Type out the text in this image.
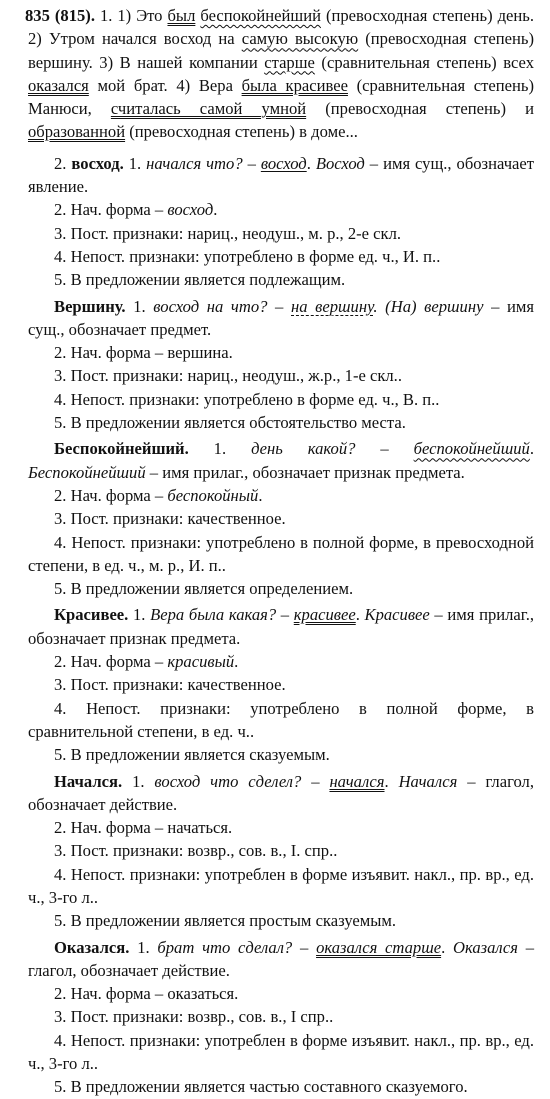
835 (815). 1. 1) Это был беспокойнейший (превосходная степень) день. 2) Утром начался восход на самую высокую (превосходная степень) вершину. 3) В нашей компании старше (сравнительная степень) всех оказался мой брат. 4) Вера была красивее (сравнительная степень) Манюси, считалась самой умной (превосходная степень) и образованной (превосходная степень) в доме...
2. восход. 1. начался что? – восход. Восход – имя сущ., обозначает явление.
2. Нач. форма – восход.
3. Пост. признаки: нариц., неодуш., м. р., 2-е скл.
4. Непост. признаки: употреблено в форме ед. ч., И. п..
5. В предложении является подлежащим.
Вершину. 1. восход на что? – на вершину. (На) вершину – имя сущ., обозначает предмет.
2. Нач. форма – вершина.
3. Пост. признаки: нариц., неодуш., ж.р., 1-е скл..
4. Непост. признаки: употреблено в форме ед. ч., В. п..
5. В предложении является обстоятельство места.
Беспокойнейший. 1. день какой? – беспокойнейший. Беспокойнейший – имя прилаг., обозначает признак предмета.
2. Нач. форма – беспокойный.
3. Пост. признаки: качественное.
4. Непост. признаки: употреблено в полной форме, в превосходной степени, в ед. ч., м. р., И. п..
5. В предложении является определением.
Красивее. 1. Вера была какая? – красивее. Красивее – имя прилаг., обозначает признак предмета.
2. Нач. форма – красивый.
3. Пост. признаки: качественное.
4. Непост. признаки: употреблено в полной форме, в сравнительной степени, в ед. ч..
5. В предложении является сказуемым.
Начался. 1. восход что сделел? – начался. Начался – глагол, обозначает действие.
2. Нач. форма – начаться.
3. Пост. признаки: возвр., сов. в., I. спр..
4. Непост. признаки: употреблен в форме изъявит. накл., пр. вр., ед. ч., 3-го л..
5. В предложении является простым сказуемым.
Оказался. 1. брат что сделал? – оказался старше. Оказался – глагол, обозначает действие.
2. Нач. форма – оказаться.
3. Пост. признаки: возвр., сов. в., I спр..
4. Непост. признаки: употреблен в форме изъявит. накл., пр. вр., ед. ч., 3-го л..
5. В предложении является частью составного сказуемого.
